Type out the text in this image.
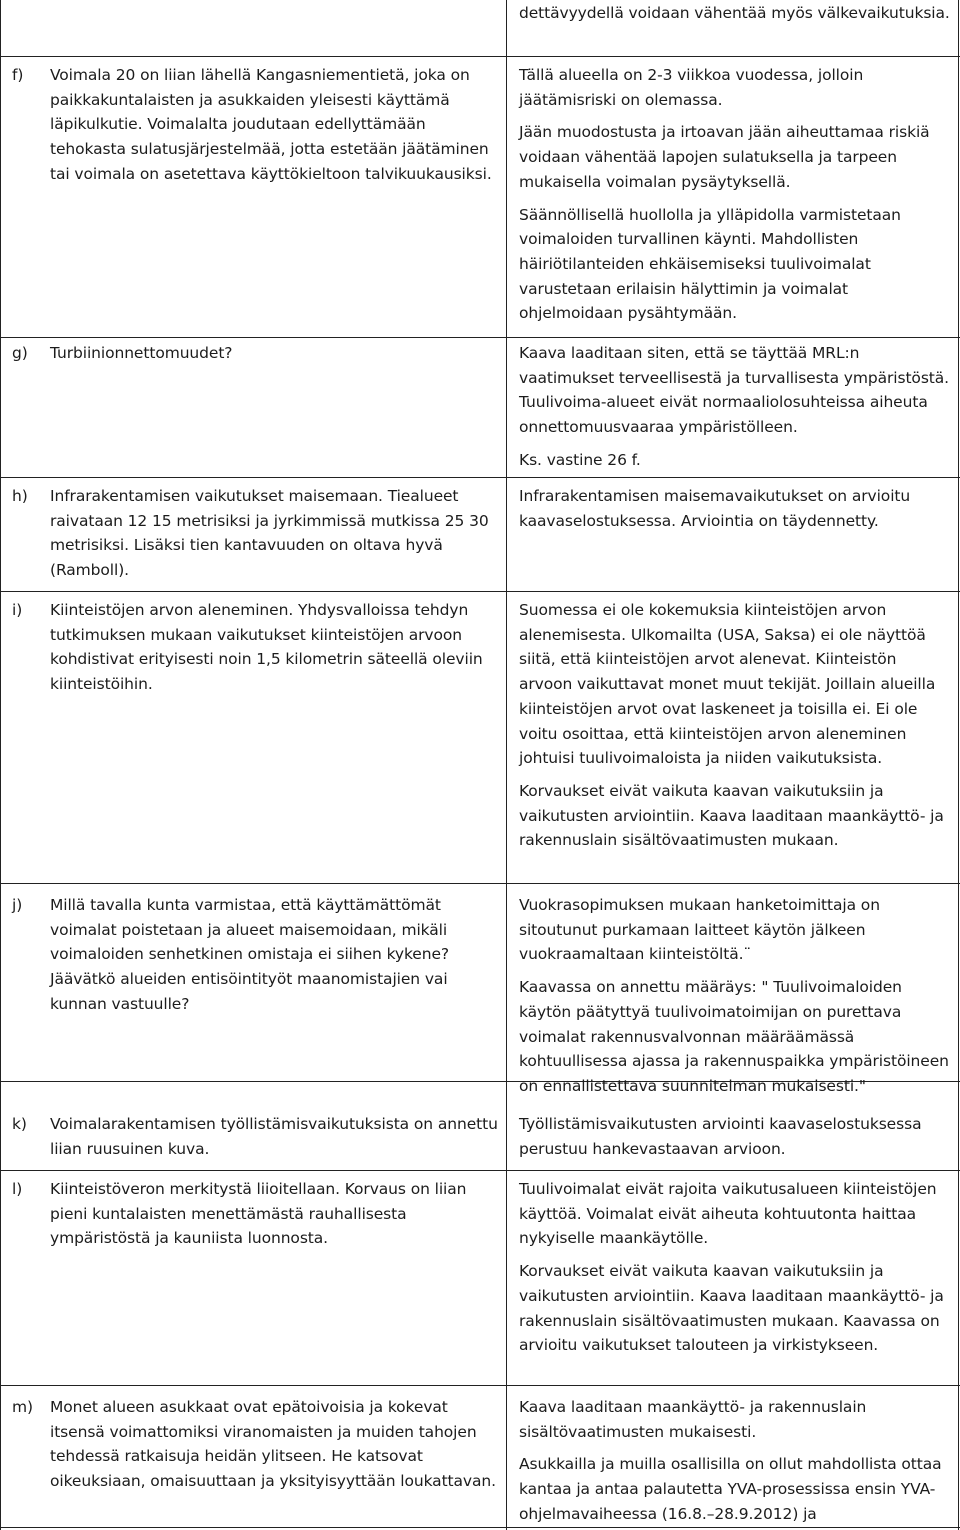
dettävyydellä voidaan vähentää myös välkevaikutuksia.

f) Voimala 20 on liian lähellä Kangasniementietä, joka on paikkakuntalaisten ja asukkaiden yleisesti käyttämä läpikulkutie. Voimalalta joudutaan edellyttämään tehokasta sulatusjärjestelmää, jotta estetään jäätäminen tai voimala on asetettava käyttökieltoon talvikuukausiksi.

Tällä alueella on 2-3 viikkoa vuodessa, jolloin jäätämisriski on olemassa.

Jään muodostusta ja irtoavan jään aiheuttamaa riskiä voidaan vähentää lapojen sulatuksella ja tarpeen mukaisella voimalan pysäytyksellä.

Säännöllisellä huollolla ja ylläpidolla varmistetaan voimaloiden turvallinen käynti. Mahdollisten häiriötilanteiden ehkäisemiseksi tuulivoimalat varustetaan erilaisin hälyttimin ja voimalat ohjelmoidaan pysähtymään.

g) Turbiinionnettomuudet?	Kaava laaditaan siten, että se täyttää MRL:n vaatimukset terveellisestä ja turvallisesta ympäristöstä. Tuulivoima-alueet eivät normaaliolosuhteissa aiheuta onnettomuusvaaraa ympäristölleen.

Ks. vastine 26 f.

h) Infrarakentamisen vaikutukset maisemaan. Tiealueet raivataan 12 15 metrisiksi ja jyrkimmissä mutkissa 25 30 metrisiksi. Lisäksi tien kantavuuden on oltava hyvä (Ramboll).

Infrarakentamisen maisemavaikutukset on arvioitu kaavaselostuksessa. Arviointia on täydennetty.

i) Kiinteistöjen arvon aleneminen. Yhdysvalloissa tehdyn tutkimuksen mukaan vaikutukset kiinteistöjen arvoon kohdistivat erityisesti noin 1,5 kilometrin säteellä oleviin kiinteistöihin.

Suomessa ei ole kokemuksia kiinteistöjen arvon alenemisesta. Ulkomailta (USA, Saksa) ei ole näyttöä siitä, että kiinteistöjen arvot alenevat. Kiinteistön arvoon vaikuttavat monet muut tekijät. Joillain alueilla kiinteistöjen arvot ovat laskeneet ja toisilla ei. Ei ole voitu osoittaa, että kiinteistöjen arvon aleneminen johtuisi tuulivoimaloista ja niiden vaikutuksista.

Korvaukset eivät vaikuta kaavan vaikutuksiin ja vaikutusten arviointiin. Kaava laaditaan maankäyttö- ja rakennuslain sisältövaatimusten mukaan.

j) Millä tavalla kunta varmistaa, että käyttämättömät voimalat poistetaan ja alueet maisemoidaan, mikäli voimaloiden senhetkinen omistaja ei siihen kykene? Jäävätkö alueiden entisöintityöt maanomistajien vai kunnan vastuulle?

Vuokrasopimuksen mukaan hanketoimittaja on sitoutunut purkamaan laitteet käytön jälkeen vuokraamaltaan kiinteistöltä.¨

Kaavassa on annettu määräys: " Tuulivoimaloiden käytön päätyttyä tuulivoimatoimijan on purettava voimalat rakennusvalvonnan määräämässä kohtuullisessa ajassa ja rakennuspaikka ympäristöineen on ennallistettava suunnitelman mukaisesti."

k) Voimalarakentamisen työllistämisvaikutuksista on annettu liian ruusuinen kuva.

Työllistämisvaikutusten arviointi kaavaselostuksessa perustuu hankevastaavan arvioon.

l) Kiinteistöveron merkitystä liioitellaan. Korvaus on liian pieni kuntalaisten menettämästä rauhallisesta ympäristöstä ja kauniista luonnosta.

Tuulivoimalat eivät rajoita vaikutusalueen kiinteistöjen käyttöä. Voimalat eivät aiheuta kohtuutonta haittaa nykyiselle maankäytölle.

Korvaukset eivät vaikuta kaavan vaikutuksiin ja vaikutusten arviointiin. Kaava laaditaan maankäyttö- ja rakennuslain sisältövaatimusten mukaan. Kaavassa on arvioitu vaikutukset talouteen ja virkistykseen.

m) Monet alueen asukkaat ovat epätoivoisia ja kokevat itsensä voimattomiksi viranomaisten ja muiden tahojen tehdessä ratkaisuja heidän ylitseen. He katsovat oikeuksiaan, omaisuuttaan ja yksityisyyttään loukattavan.

Kaava laaditaan maankäyttö- ja rakennuslain sisältövaatimusten mukaisesti.

Asukkailla ja muilla osallisilla on ollut mahdollista ottaa kantaa ja antaa palautetta YVA-prosessissa ensin YVA-ohjelmavaiheessa (16.8.–28.9.2012) ja
